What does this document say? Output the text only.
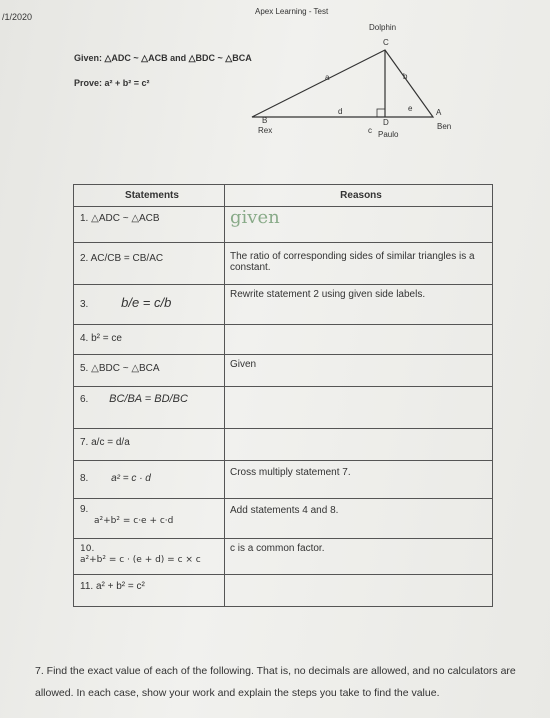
/1/2020
Apex Learning - Test
Given: △ADC ~ △ACB and △BDC ~ △BCA
Prove: a² + b² = c²
Dolphin
C
a	b
d	e
B
Rex	c
D
Paulo
A
Ben
Statements	Reasons
1. △ADC ~ △ACB	given
2. AC/CB = CB/AC	The ratio of corresponding sides of similar triangles is a constant.
3. b/e = c/b	Rewrite statement 2 using given side labels.
4. b² = ce	
5. △BDC ~ △BCA	Given
6. BC/BA = BD/BC	
7. a/c = d/a	
8. a² = c · d	Cross multiply statement 7.
9.
a²+b² = c·e + c·d	Add statements 4 and 8.
10.
a²+b² = c · (e + d) = c × c	c is a common factor.
11. a² + b² = c²	
7. Find the exact value of each of the following. That is, no decimals are allowed, and no calculators are allowed. In each case, show your work and explain the steps you take to find the value.
